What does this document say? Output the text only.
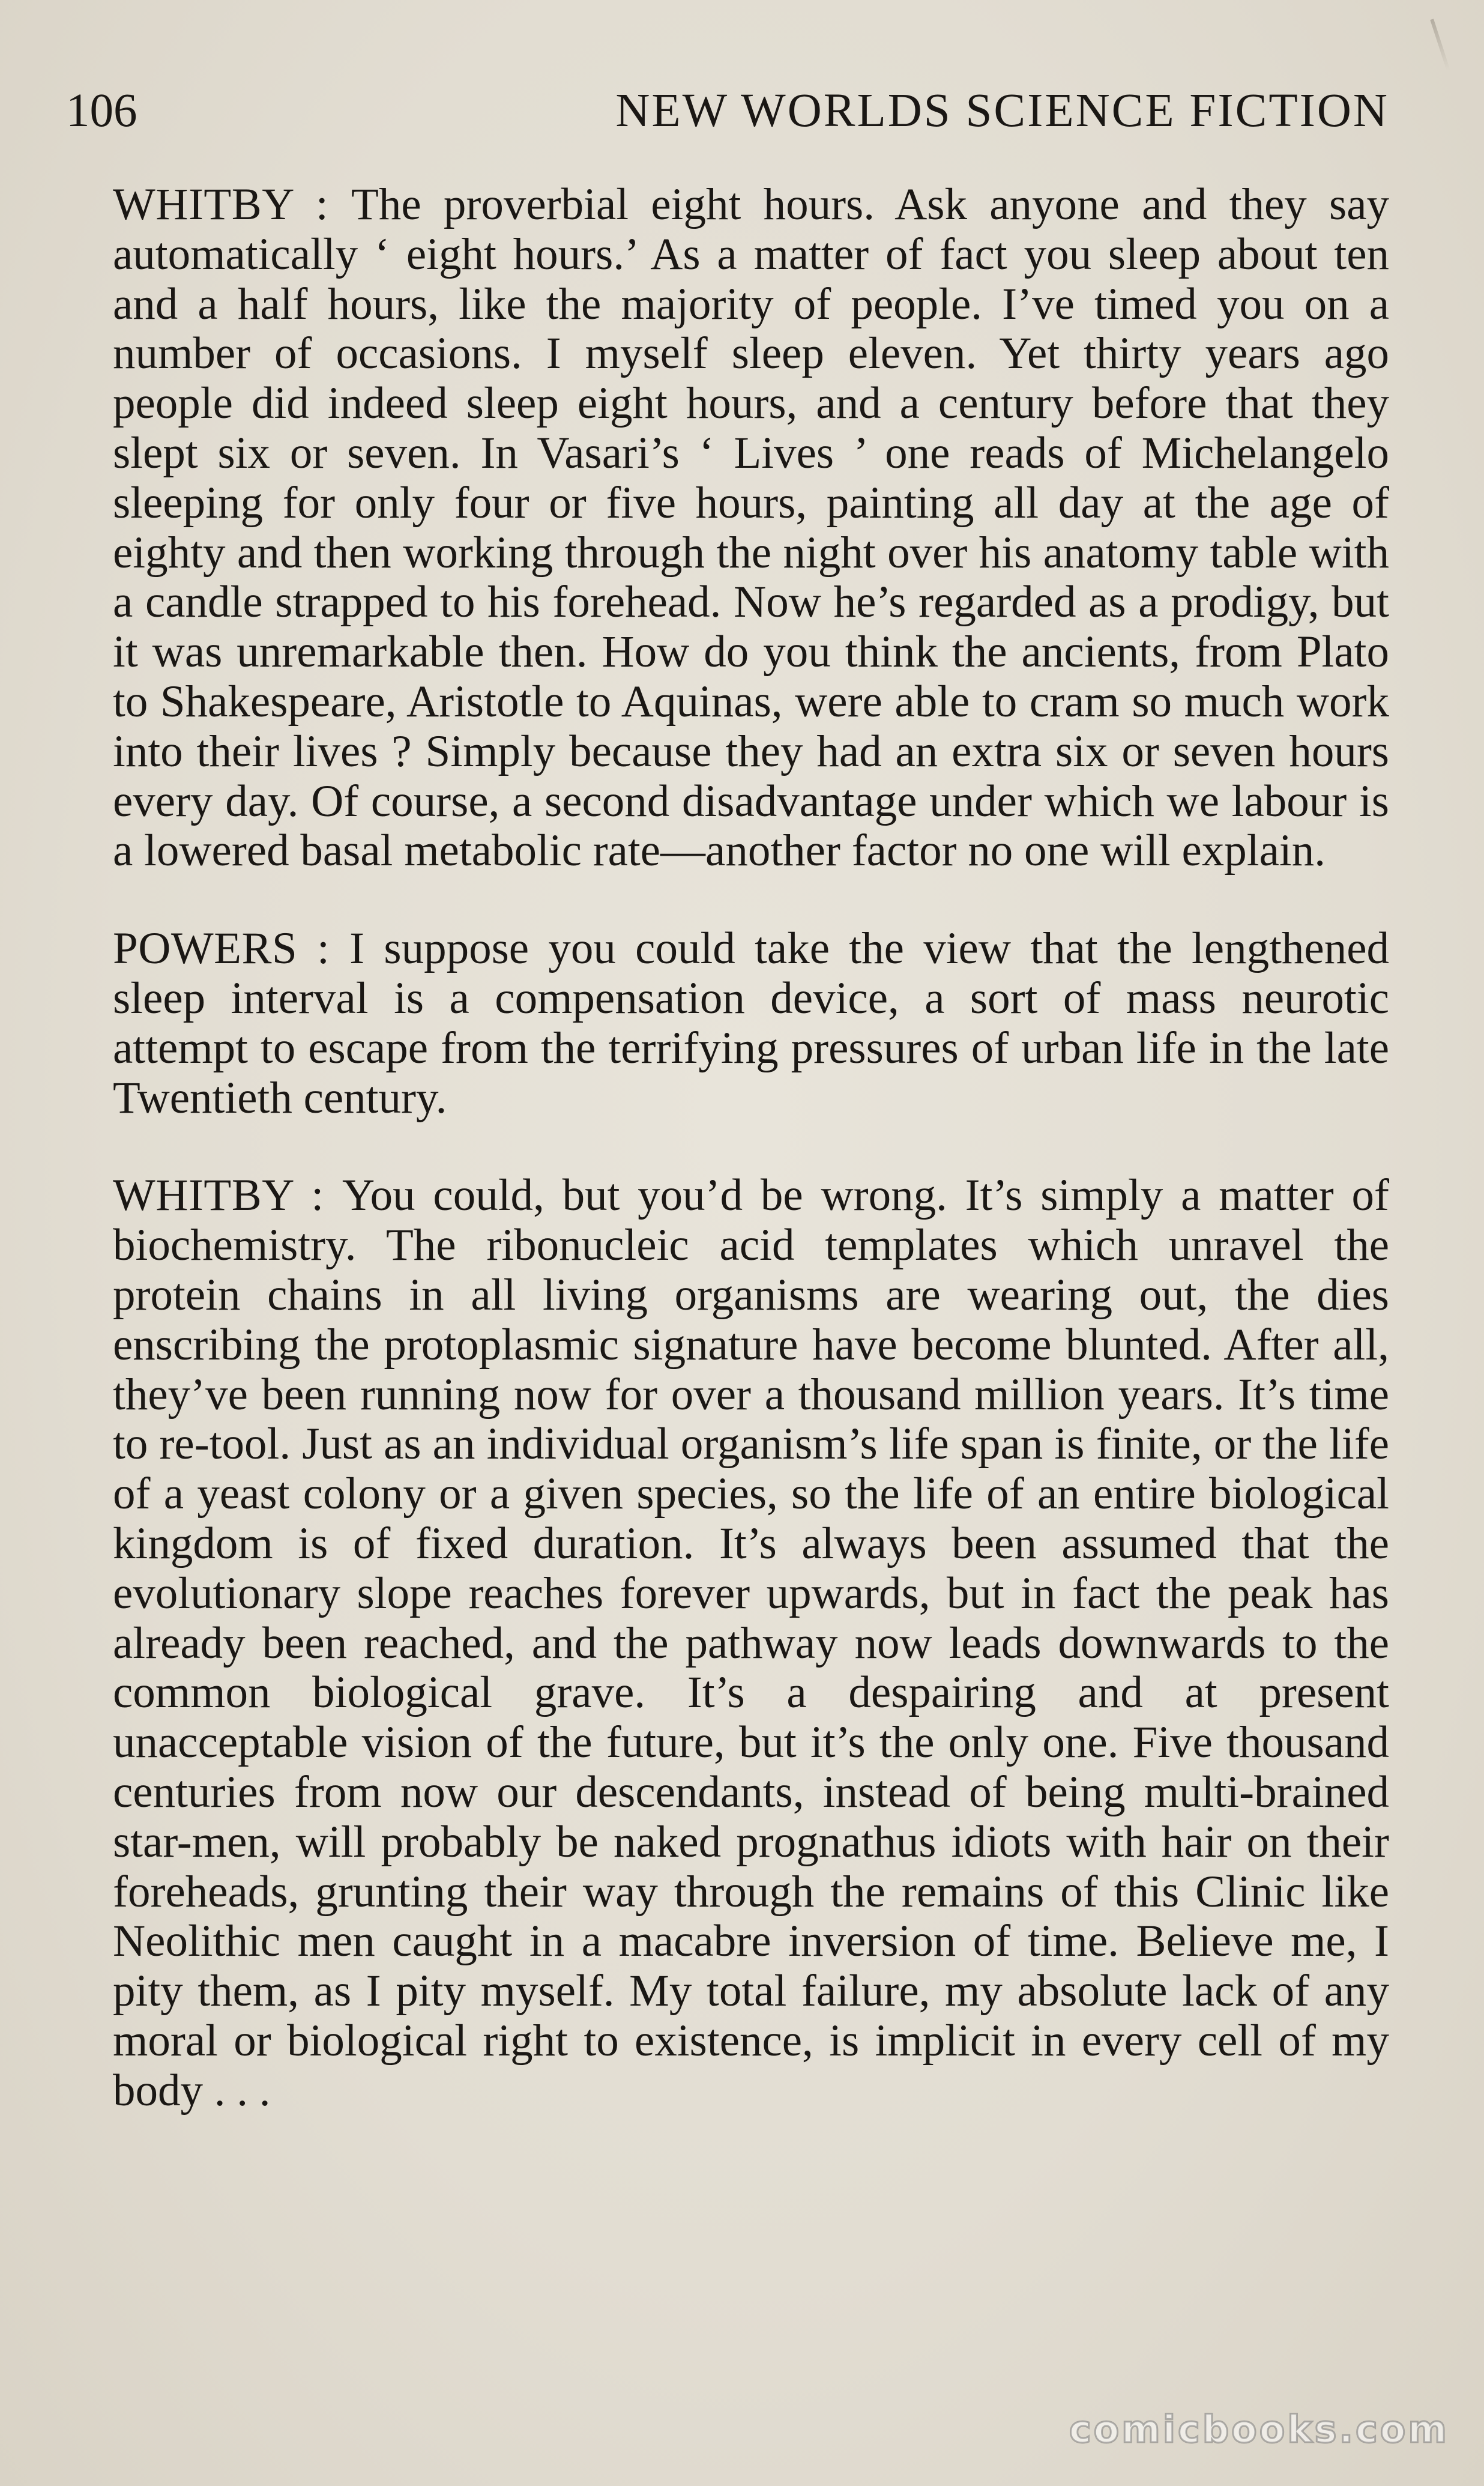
106	NEW WORLDS SCIENCE FICTION

WHITBY : The proverbial eight hours. Ask anyone and they say automatically ‘ eight hours.’ As a matter of fact you sleep about ten and a half hours, like the majority of people. I’ve timed you on a number of occasions. I myself sleep eleven. Yet thirty years ago people did indeed sleep eight hours, and a century before that they slept six or seven. In Vasari’s ‘ Lives ’ one reads of Michelangelo sleeping for only four or five hours, painting all day at the age of eighty and then working through the night over his anatomy table with a candle strapped to his forehead. Now he’s regarded as a prodigy, but it was unremarkable then. How do you think the ancients, from Plato to Shakespeare, Aristotle to Aquinas, were able to cram so much work into their lives ? Simply because they had an extra six or seven hours every day. Of course, a second disadvantage under which we labour is a lowered basal metabolic rate—another factor no one will explain.

POWERS : I suppose you could take the view that the lengthened sleep interval is a compensation device, a sort of mass neurotic attempt to escape from the terrifying pressures of urban life in the late Twentieth century.

WHITBY : You could, but you’d be wrong. It’s simply a matter of biochemistry. The ribonucleic acid templates which unravel the protein chains in all living organisms are wearing out, the dies enscribing the protoplasmic signature have become blunted. After all, they’ve been running now for over a thousand million years. It’s time to re-tool. Just as an individual organism’s life span is finite, or the life of a yeast colony or a given species, so the life of an entire biological kingdom is of fixed duration. It’s always been assumed that the evolutionary slope reaches forever upwards, but in fact the peak has already been reached, and the pathway now leads downwards to the common biological grave. It’s a despairing and at present unacceptable vision of the future, but it’s the only one. Five thousand centuries from now our descendants, instead of being multi-brained star-men, will probably be naked prognathus idiots with hair on their foreheads, grunting their way through the remains of this Clinic like Neolithic men caught in a macabre inversion of time. Believe me, I pity them, as I pity myself. My total failure, my absolute lack of any moral or biological right to existence, is implicit in every cell of my body . . .

comicbooks.com
